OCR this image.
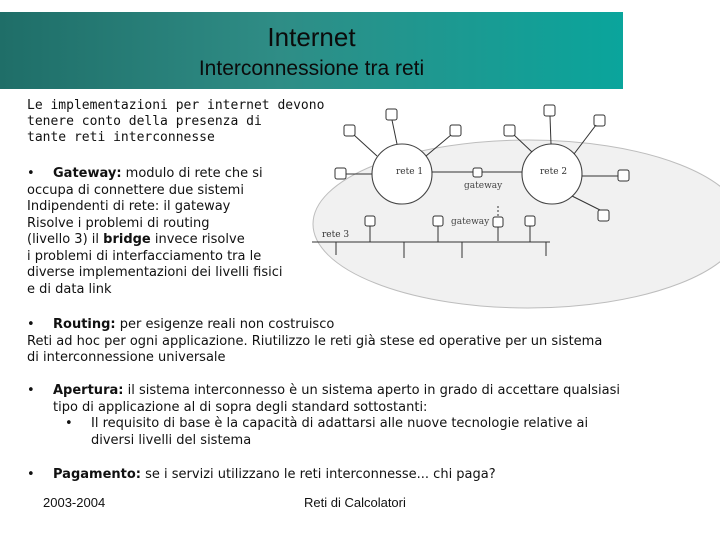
Internet
Interconnessione tra reti
Le implementazioni per internet devono
tenere conto della presenza di
tante reti interconnesse
rete 1	rete 2
rete 3
gateway
gateway
• Gateway: modulo di rete che si
occupa di connettere due sistemi
Indipendenti di rete: il gateway
Risolve i problemi di routing
(livello 3) il bridge invece risolve
i problemi di interfacciamento tra le
diverse implementazioni dei livelli fisici
e di data link
• Routing: per esigenze reali non costruisco
Reti ad hoc per ogni applicazione. Riutilizzo le reti già stese ed operative per un sistema
di interconnessione universale
• Apertura: il sistema interconnesso è un sistema aperto in grado di accettare qualsiasi
tipo di applicazione al di sopra degli standard sottostanti:
• Il requisito di base è la capacità di adattarsi alle nuove tecnologie relative ai
diversi livelli del sistema
• Pagamento: se i servizi utilizzano le reti interconnesse... chi paga?
2003-2004	Reti di Calcolatori
